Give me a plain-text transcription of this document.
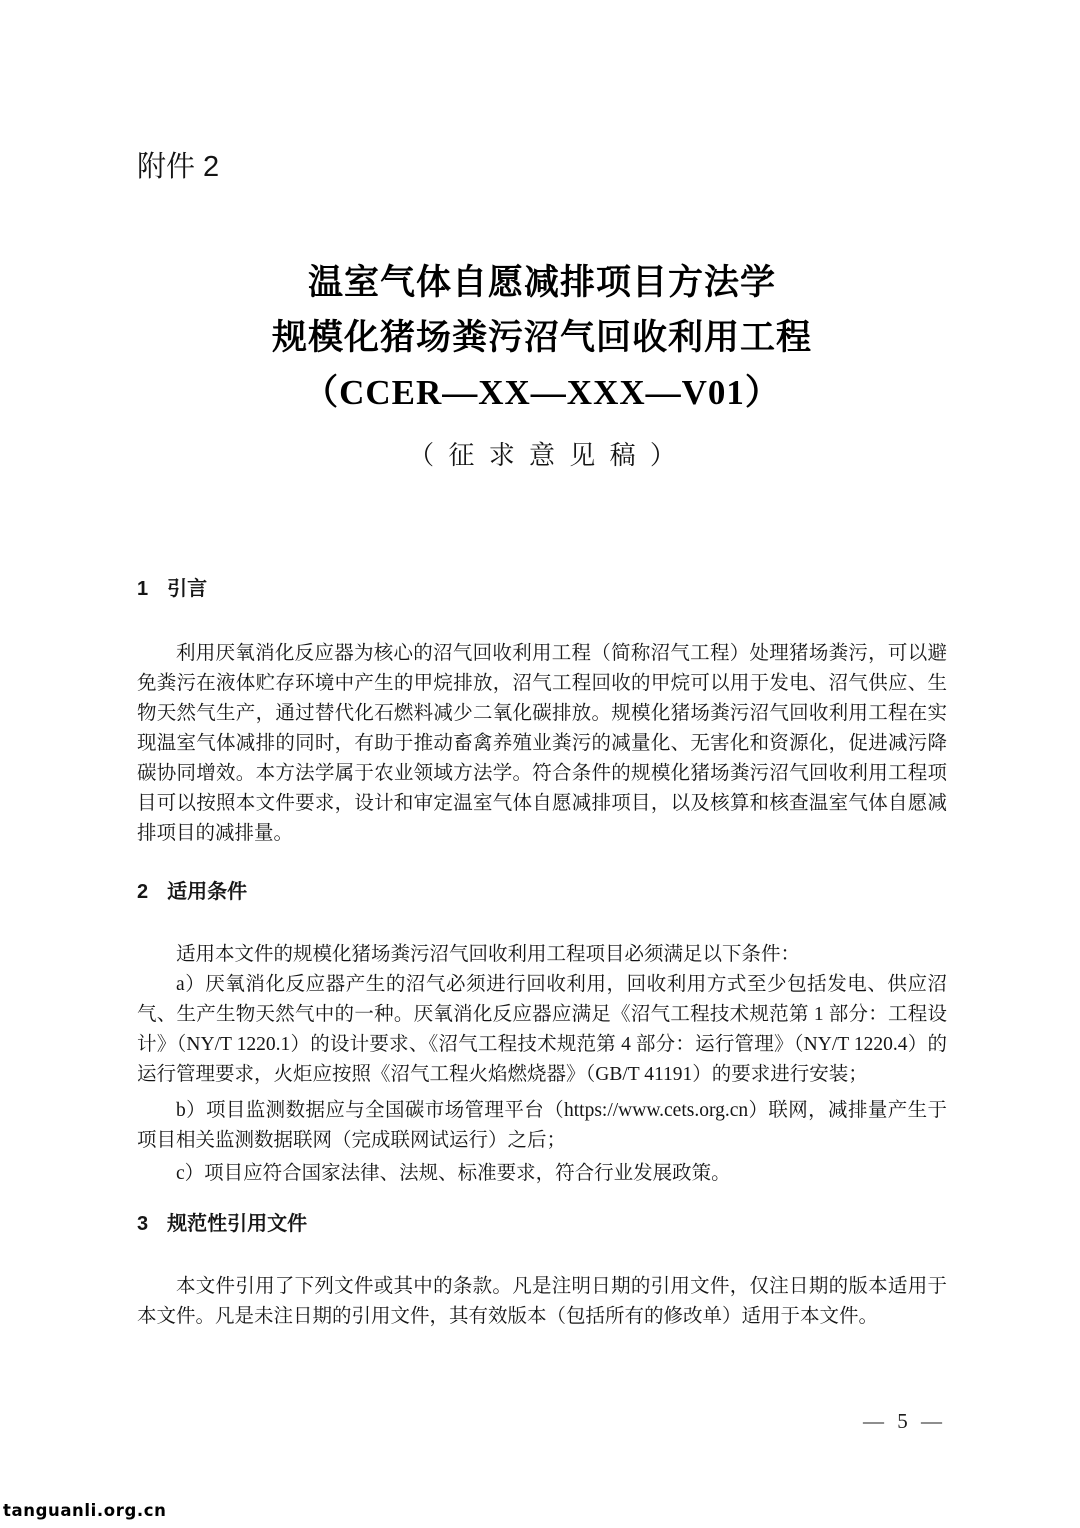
附件 2
温室气体自愿减排项目方法学
规模化猪场粪污沼气回收利用工程
（CCER—XX—XXX—V01）
（征求意见稿）
1 引言

利用厌氧消化反应器为核心的沼气回收利用工程（简称沼气工程）处理猪场粪污，可以避免粪污在液体贮存环境中产生的甲烷排放，沼气工程回收的甲烷可以用于发电、沼气供应、生物天然气生产，通过替代化石燃料减少二氧化碳排放。规模化猪场粪污沼气回收利用工程在实现温室气体减排的同时，有助于推动畜禽养殖业粪污的减量化、无害化和资源化，促进减污降碳协同增效。本方法学属于农业领域方法学。符合条件的规模化猪场粪污沼气回收利用工程项目可以按照本文件要求，设计和审定温室气体自愿减排项目，以及核算和核查温室气体自愿减排项目的减排量。

2 适用条件

适用本文件的规模化猪场粪污沼气回收利用工程项目必须满足以下条件：

a）厌氧消化反应器产生的沼气必须进行回收利用，回收利用方式至少包括发电、供应沼气、生产生物天然气中的一种。厌氧消化反应器应满足《沼气工程技术规范第 1 部分：工程设计》（NY/T 1220.1）的设计要求、《沼气工程技术规范第 4 部分：运行管理》（NY/T 1220.4）的运行管理要求，火炬应按照《沼气工程火焰燃烧器》（GB/T 41191）的要求进行安装；

b）项目监测数据应与全国碳市场管理平台（https://www.cets.org.cn）联网，减排量产生于项目相关监测数据联网（完成联网试运行）之后；

c）项目应符合国家法律、法规、标准要求，符合行业发展政策。

3 规范性引用文件

本文件引用了下列文件或其中的条款。凡是注明日期的引用文件，仅注日期的版本适用于本文件。凡是未注日期的引用文件，其有效版本（包括所有的修改单）适用于本文件。

— 5 —
tanguanli.org.cn
